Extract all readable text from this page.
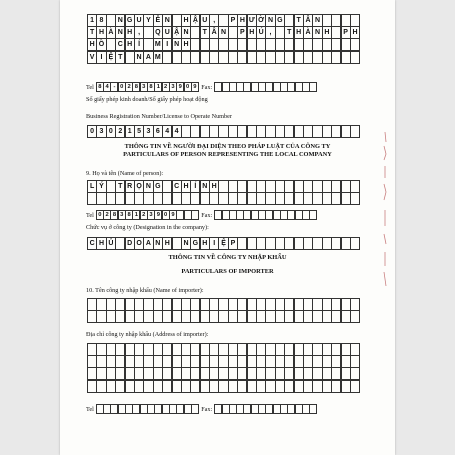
1 8	N G U Y Ễ N	H Ậ U ,	P H Ư Ờ N G	T Â N
T H À N H ,	Q U Ậ N	T Â N	P H Ú ,	T H À N H	P H
H Ồ	C H Í	M I N H
V I Ệ T	N A M
Tel 8 4 - 0 2 8 3 8 1 2 3 9 0 9 Fax:
Số giấy phép kinh doanh/Số giấy phép hoạt động
Business Registration Number/License to Operate Number
0 3 0 2 1 5 3 6 4 4
THÔNG TIN VỀ NGƯỜI ĐẠI DIỆN THEO PHÁP LUẬT CỦA CÔNG TY
PARTICULARS OF PERSON REPRESENTING THE LOCAL COMPANY
9. Họ và tên (Name of person):
L Ý	T R Ọ N G	C H Í N H
Tel 0 2 8 3 8 1 2 3 9 0 9	Fax:
Chức vụ ở công ty (Designation in the company):
C H Ủ	D O A N H	N G H I Ệ P
THÔNG TIN VỀ CÔNG TY NHẬP KHẨU
PARTICULARS OF IMPORTER
10. Tên công ty nhập khẩu (Name of importer):
Địa chỉ công ty nhập khẩu (Address of importer):
Tel	Fax:
